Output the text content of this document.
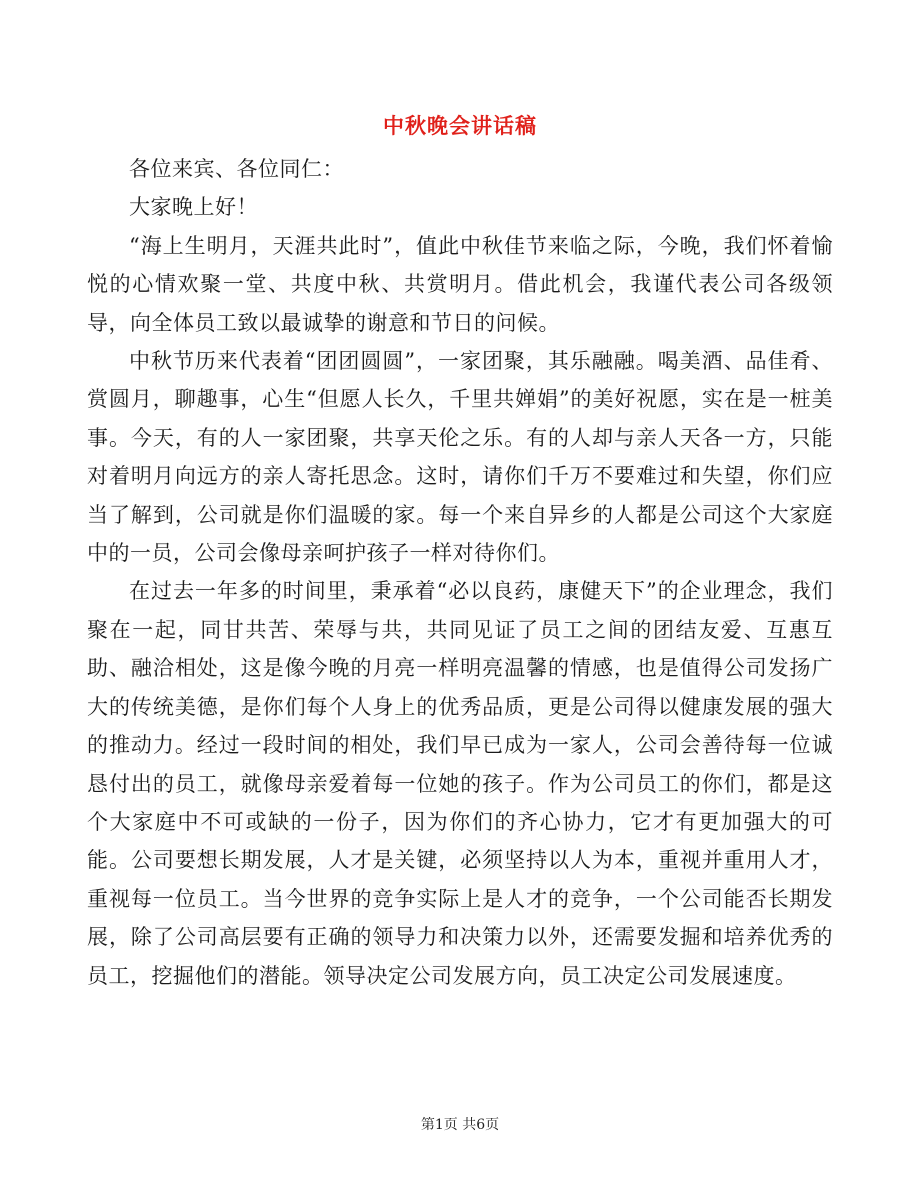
中秋晚会讲话稿

各位来宾、各位同仁：

大家晚上好！

“海上生明月，天涯共此时”，值此中秋佳节来临之际，今晚，我们怀着愉悦的心情欢聚一堂、共度中秋、共赏明月。借此机会，我谨代表公司各级领导，向全体员工致以最诚挚的谢意和节日的问候。

中秋节历来代表着“团团圆圆”，一家团聚，其乐融融。喝美酒、品佳肴、赏圆月，聊趣事，心生“但愿人长久，千里共婵娟”的美好祝愿，实在是一桩美事。今天，有的人一家团聚，共享天伦之乐。有的人却与亲人天各一方，只能对着明月向远方的亲人寄托思念。这时，请你们千万不要难过和失望，你们应当了解到，公司就是你们温暖的家。每一个来自异乡的人都是公司这个大家庭中的一员，公司会像母亲呵护孩子一样对待你们。

在过去一年多的时间里，秉承着“必以良药，康健天下”的企业理念，我们聚在一起，同甘共苦、荣辱与共，共同见证了员工之间的团结友爱、互惠互助、融洽相处，这是像今晚的月亮一样明亮温馨的情感，也是值得公司发扬广大的传统美德，是你们每个人身上的优秀品质，更是公司得以健康发展的强大的推动力。经过一段时间的相处，我们早已成为一家人，公司会善待每一位诚恳付出的员工，就像母亲爱着每一位她的孩子。作为公司员工的你们，都是这个大家庭中不可或缺的一份子，因为你们的齐心协力，它才有更加强大的可能。公司要想长期发展，人才是关键，必须坚持以人为本，重视并重用人才，重视每一位员工。当今世界的竞争实际上是人才的竞争，一个公司能否长期发展，除了公司高层要有正确的领导力和决策力以外，还需要发掘和培养优秀的员工，挖掘他们的潜能。领导决定公司发展方向，员工决定公司发展速度。

第1页 共6页
